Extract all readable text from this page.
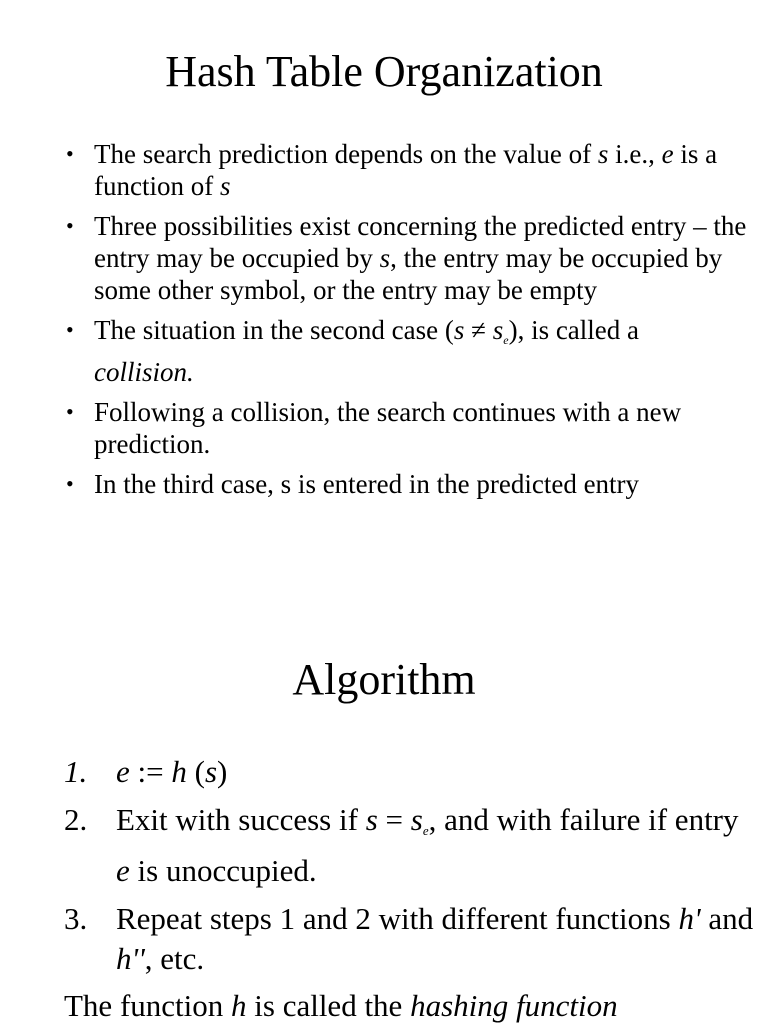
Hash Table Organization
• The search prediction depends on the value of s i.e., e is a function of s
• Three possibilities exist concerning the predicted entry – the entry may be occupied by s, the entry may be occupied by some other symbol, or the entry may be empty
• The situation in the second case $(s \ne s_e)$, is called a
collision.
• Following a collision, the search continues with a new prediction.
• In the third case, s is entered in the predicted entry
Algorithm
1. e := h (s)
2. Exit with success if $s = s_e$, and with failure if entry e is unoccupied.
3. Repeat steps 1 and 2 with different functions h' and h'', etc.
The function h is called the hashing function
